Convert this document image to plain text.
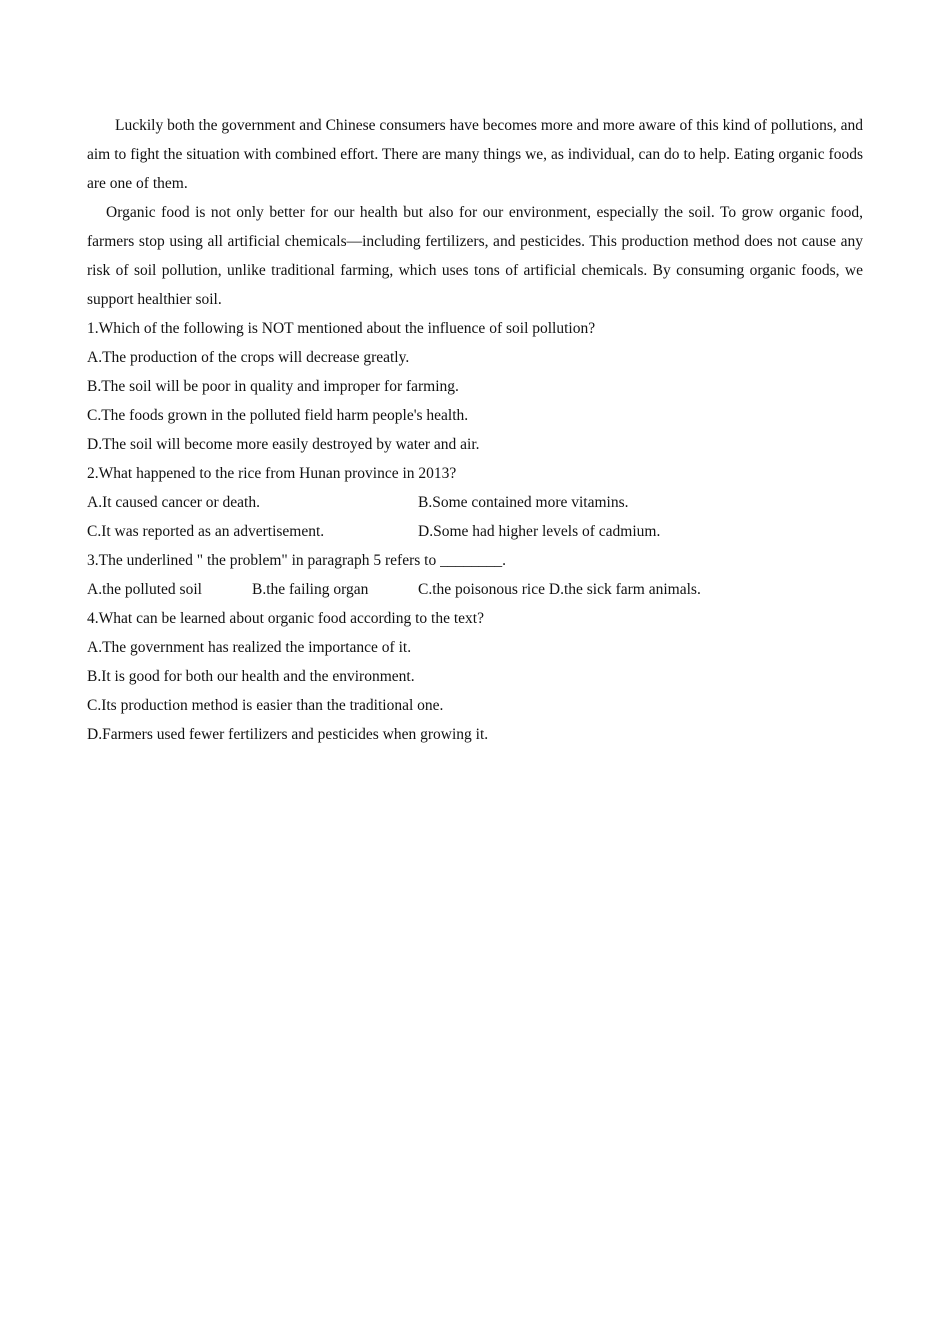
Luckily both the government and Chinese consumers have becomes more and more aware of this kind of pollutions, and aim to fight the situation with combined effort. There are many things we, as individual, can do to help. Eating organic foods are one of them.

Organic food is not only better for our health but also for our environment, especially the soil. To grow organic food, farmers stop using all artificial chemicals—including fertilizers, and pesticides. This production method does not cause any risk of soil pollution, unlike traditional farming, which uses tons of artificial chemicals. By consuming organic foods, we support healthier soil.

1.Which of the following is NOT mentioned about the influence of soil pollution?

A.The production of the crops will decrease greatly.

B.The soil will be poor in quality and improper for farming.

C.The foods grown in the polluted field harm people's health.

D.The soil will become more easily destroyed by water and air.

2.What happened to the rice from Hunan province in 2013?

A.It caused cancer or death.	B.Some contained more vitamins.
C.It was reported as an advertisement.	D.Some had higher levels of cadmium.

3.The underlined " the problem" in paragraph 5 refers to ________.

A.the polluted soil	B.the failing organ	C.the poisonous rice
D.the sick farm animals.

4.What can be learned about organic food according to the text?

A.The government has realized the importance of it.

B.It is good for both our health and the environment.

C.Its production method is easier than the traditional one.

D.Farmers used fewer fertilizers and pesticides when growing it.
